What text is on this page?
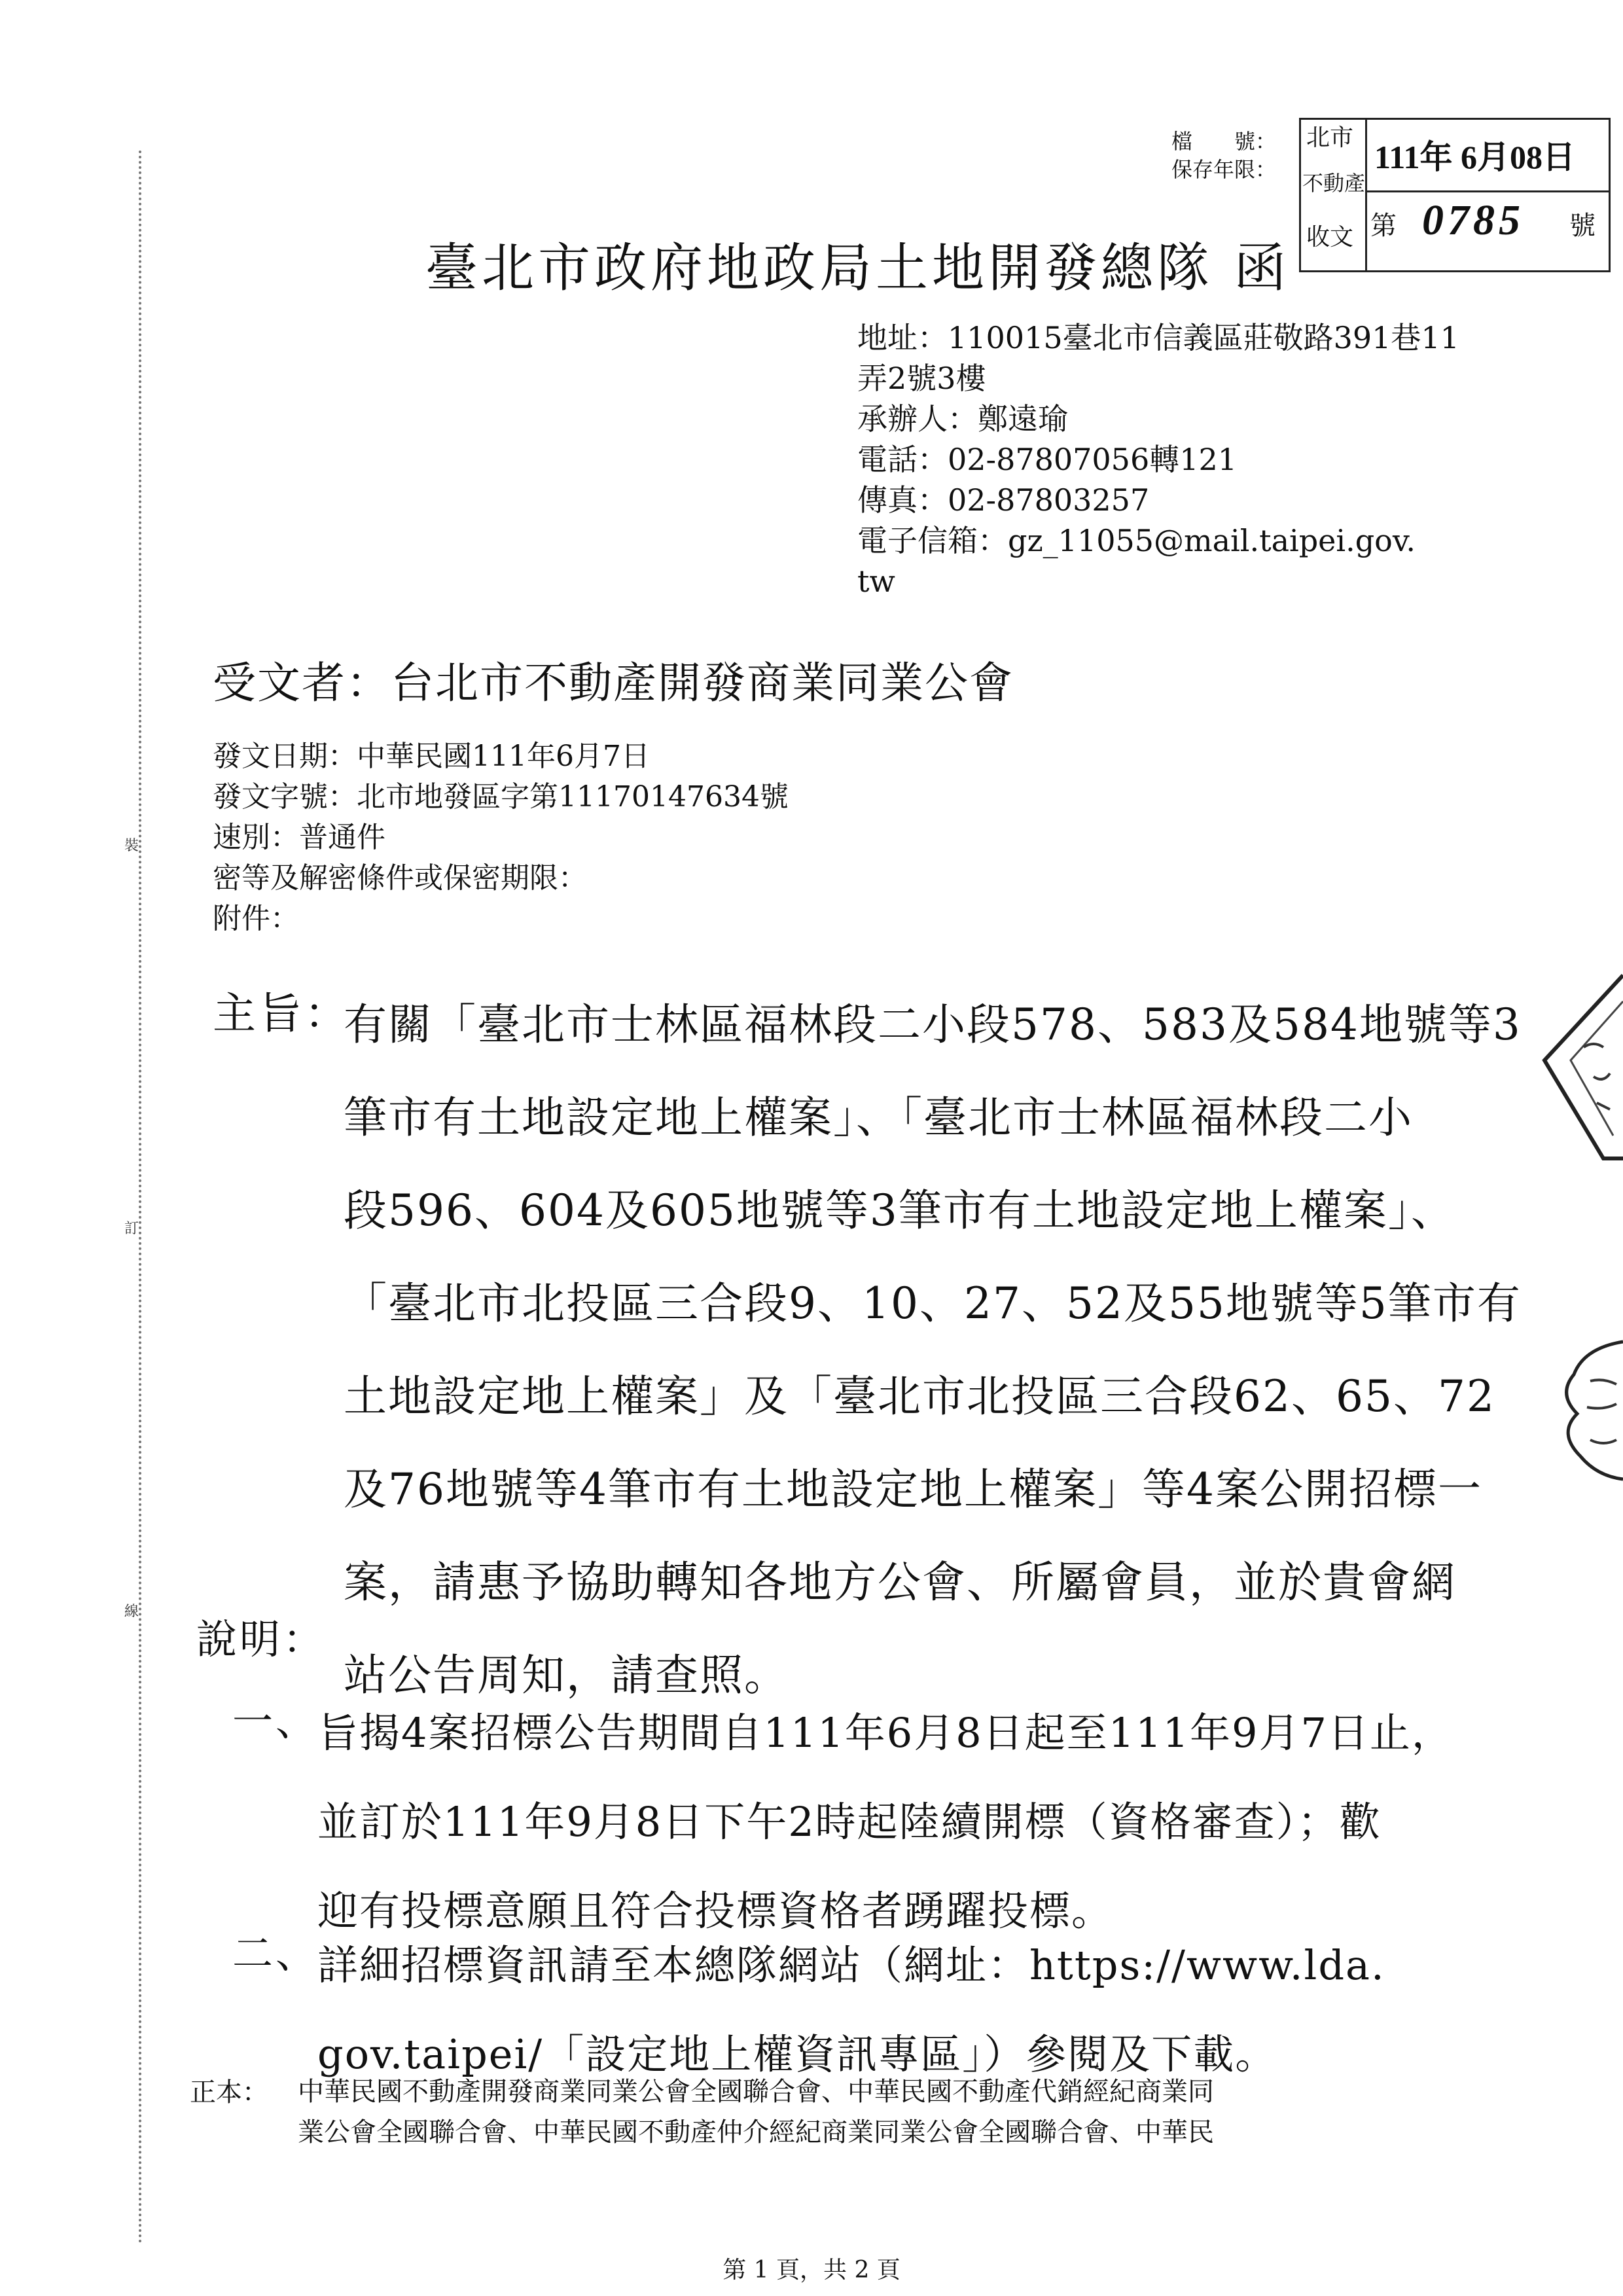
裝
訂
線
檔　　號：
保存年限：
北市
不動產
收文
111年 6月08日
第 0785 號
臺北市政府地政局土地開發總隊 函
地址：110015臺北市信義區莊敬路391巷11
弄2號3樓
承辦人：鄭遠瑜
電話：02-87807056轉121
傳真：02-87803257
電子信箱：gz_11055@mail.taipei.gov.
tw
受文者：台北市不動產開發商業同業公會
發文日期：中華民國111年6月7日
發文字號：北市地發區字第11170147634號
速別：普通件
密等及解密條件或保密期限：
附件：
主旨：
有關「臺北市士林區福林段二小段578、583及584地號等3
筆市有土地設定地上權案」、「臺北市士林區福林段二小
段596、604及605地號等3筆市有土地設定地上權案」、
「臺北市北投區三合段9、10、27、52及55地號等5筆市有
土地設定地上權案」及「臺北市北投區三合段62、65、72
及76地號等4筆市有土地設定地上權案」等4案公開招標一
案，請惠予協助轉知各地方公會、所屬會員，並於貴會網
站公告周知，請查照。
說明：
一、
旨揭4案招標公告期間自111年6月8日起至111年9月7日止，
並訂於111年9月8日下午2時起陸續開標（資格審查）；歡
迎有投標意願且符合投標資格者踴躍投標。
二、
詳細招標資訊請至本總隊網站（網址：https://www.lda.
gov.taipei/「設定地上權資訊專區」）參閱及下載。
正本： 中華民國不動產開發商業同業公會全國聯合會、中華民國不動產代銷經紀商業同
業公會全國聯合會、中華民國不動產仲介經紀商業同業公會全國聯合會、中華民
第 1 頁，共 2 頁
